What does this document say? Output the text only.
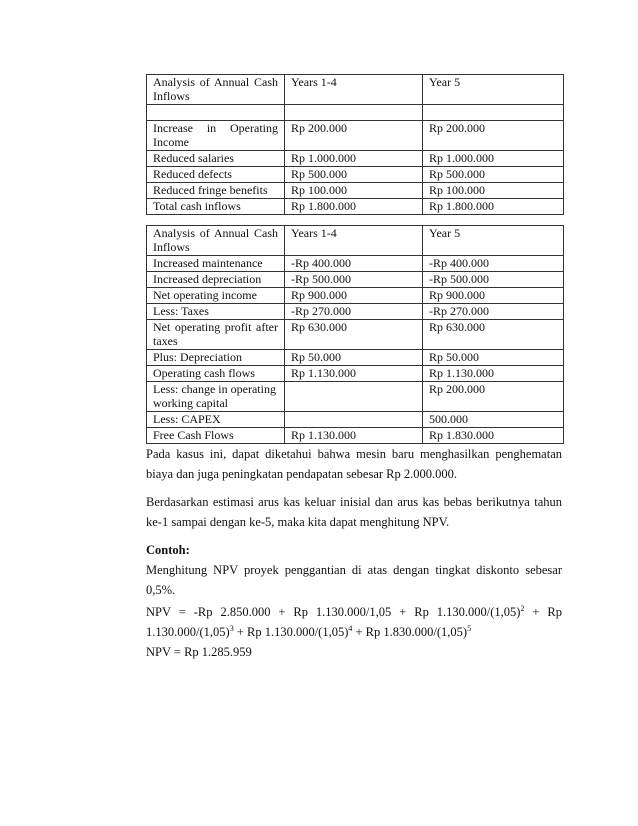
Analysis of Annual Cash Inflows	Years 1-4	Year 5

Increase in Operating Income	Rp 200.000	Rp 200.000
Reduced salaries	Rp 1.000.000	Rp 1.000.000
Reduced defects	Rp 500.000	Rp 500.000
Reduced fringe benefits	Rp 100.000	Rp 100.000
Total cash inflows	Rp 1.800.000	Rp 1.800.000
Analysis of Annual Cash Inflows	Years 1-4	Year 5
Increased maintenance	-Rp 400.000	-Rp 400.000
Increased depreciation	-Rp 500.000	-Rp 500.000
Net operating income	Rp 900.000	Rp 900.000
Less: Taxes	-Rp 270.000	-Rp 270.000
Net operating profit after taxes	Rp 630.000	Rp 630.000
Plus: Depreciation	Rp 50.000	Rp 50.000
Operating cash flows	Rp 1.130.000	Rp 1.130.000
Less: change in operating working capital		Rp 200.000
Less: CAPEX		500.000
Free Cash Flows	Rp 1.130.000	Rp 1.830.000

Pada kasus ini, dapat diketahui bahwa mesin baru menghasilkan penghematan biaya dan juga peningkatan pendapatan sebesar Rp 2.000.000.

Berdasarkan estimasi arus kas keluar inisial dan arus kas bebas berikutnya tahun ke-1 sampai dengan ke-5, maka kita dapat menghitung NPV.

Contoh:

Menghitung NPV proyek penggantian di atas dengan tingkat diskonto sebesar 0,5%.

NPV = -Rp 2.850.000 + Rp 1.130.000/1,05 + Rp $1.130.000/(1,05)^2 + Rp$
$1.130.000/(1,05)^3 + Rp$ $1.130.000/(1,05)^4 + Rp$ $1.830.000/(1,05)^5$
NPV = Rp 1.285.959
